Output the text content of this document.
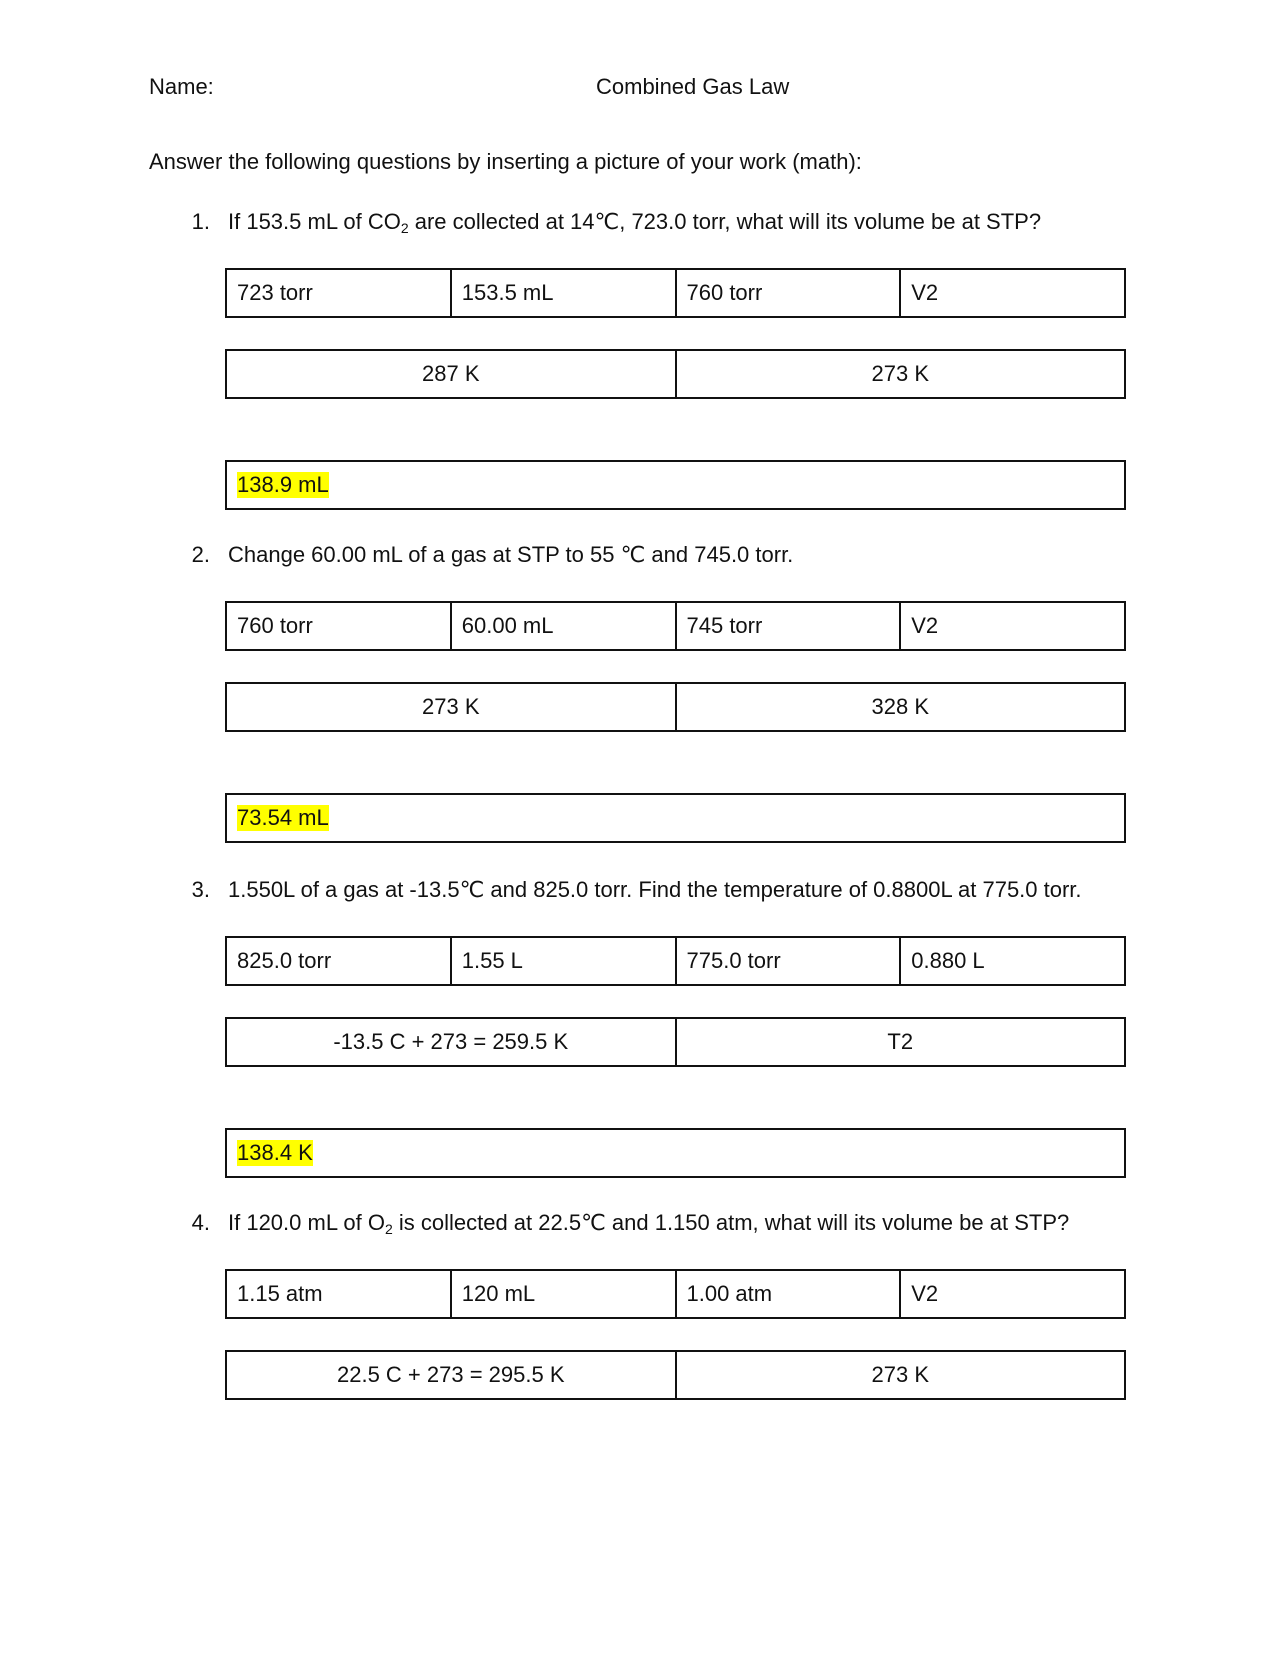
Name:	Combined Gas Law
Answer the following questions by inserting a picture of your work (math):
1. If 153.5 mL of $CO_2$ are collected at 14℃, 723.0 torr, what will its volume be at STP?
723 torr	153.5 mL	760 torr	V2
287 K	273 K
138.9 mL
2. Change 60.00 mL of a gas at STP to 55 ℃ and 745.0 torr.
760 torr	60.00 mL	745 torr	V2
273 K	328 K
73.54 mL
3. 1.550L of a gas at -13.5℃ and 825.0 torr. Find the temperature of 0.8800L at 775.0 torr.
825.0 torr	1.55 L	775.0 torr	0.880 L
-13.5 C + 273 = 259.5 K	T2
138.4 K
4. If 120.0 mL of $O_2$ is collected at 22.5℃ and 1.150 atm, what will its volume be at STP?
1.15 atm	120 mL	1.00 atm	V2
22.5 C + 273 = 295.5 K	273 K
